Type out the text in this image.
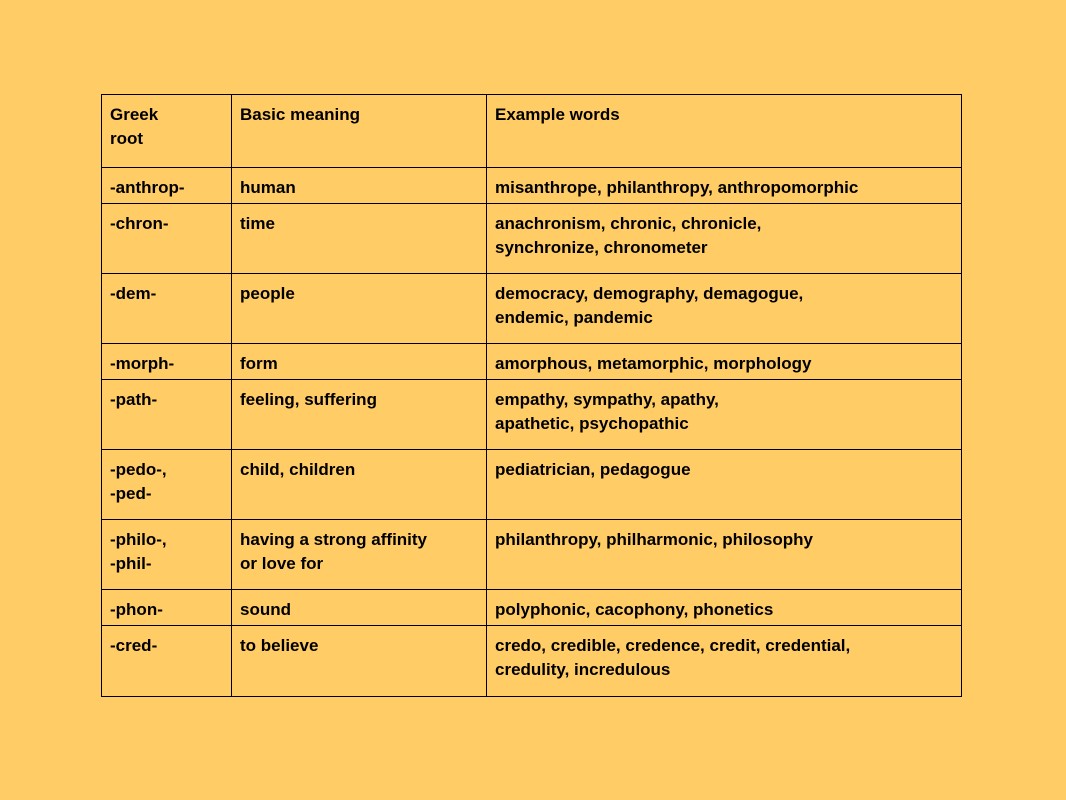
Greek
root	Basic meaning	Example words
-anthrop-	human	misanthrope, philanthropy, anthropomorphic
-chron-	time	anachronism, chronic, chronicle,
synchronize, chronometer
-dem-	people	democracy, demography, demagogue,
endemic, pandemic
-morph-	form	amorphous, metamorphic, morphology
-path-	feeling, suffering	empathy, sympathy, apathy,
apathetic, psychopathic
-pedo-,
-ped-	child, children	pediatrician, pedagogue
-philo-,
-phil-	having a strong affinity
or love for	philanthropy, philharmonic, philosophy
-phon-	sound	polyphonic, cacophony, phonetics
-cred-	to believe	credo, credible, credence, credit, credential,
credulity, incredulous
